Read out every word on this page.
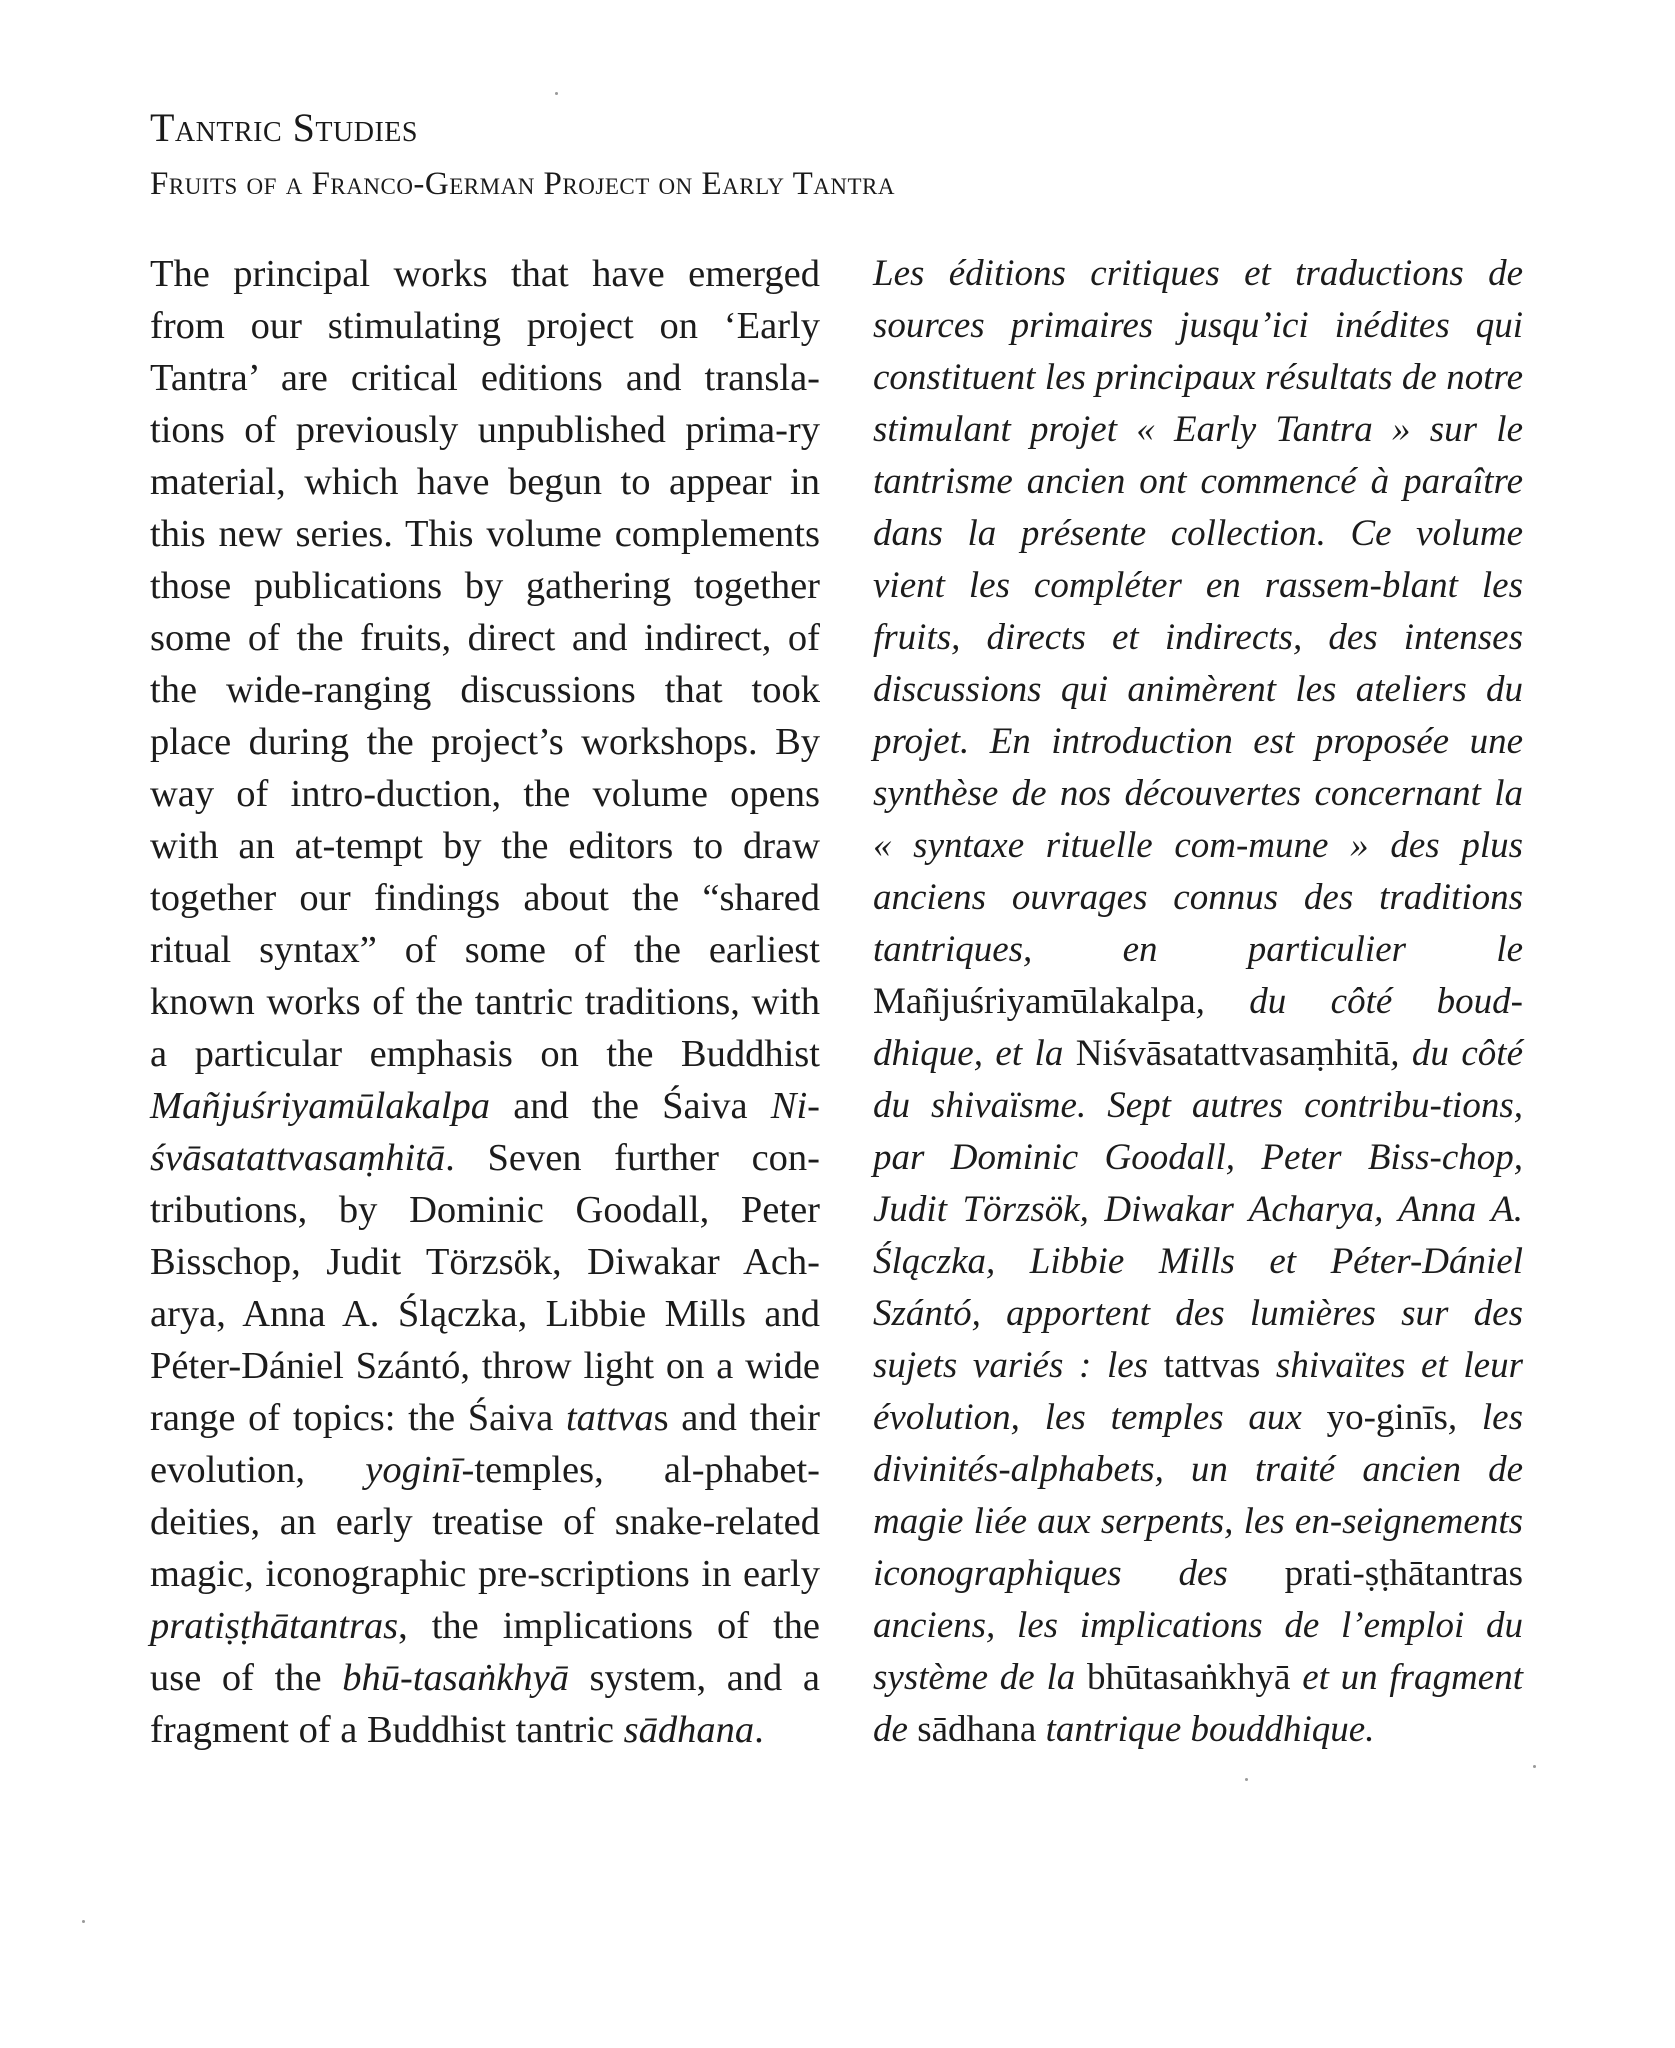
Tantric Studies
Fruits of a Franco-German Project on Early Tantra

The principal works that have emerged from our stimulating project on ‘Early Tantra’ are critical editions and transla-tions of previously unpublished prima-ry material, which have begun to appear in this new series. This volume complements those publications by gathering together some of the fruits, direct and indirect, of the wide-ranging discussions that took place during the project’s workshops. By way of intro-duction, the volume opens with an at-tempt by the editors to draw together our findings about the “shared ritual syntax” of some of the earliest known works of the tantric traditions, with a particular emphasis on the Buddhist Mañjuśriyamūlakalpa and the Śaiva Ni-śvāsatattvasaṃhitā. Seven further con-tributions, by Dominic Goodall, Peter Bisschop, Judit Törzsök, Diwakar Ach-arya, Anna A. Ślączka, Libbie Mills and Péter-Dániel Szántó, throw light on a wide range of topics: the Śaiva tattvas and their evolution, yoginī-temples, al-phabet-deities, an early treatise of snake-related magic, iconographic pre-scriptions in early pratiṣṭhātantras, the implications of the use of the bhū-tasaṅkhyā system, and a fragment of a Buddhist tantric sādhana.

Les éditions critiques et traductions de sources primaires jusqu’ici inédites qui constituent les principaux résultats de notre stimulant projet « Early Tantra » sur le tantrisme ancien ont commencé à paraître dans la présente collection. Ce volume vient les compléter en rassem-blant les fruits, directs et indirects, des intenses discussions qui animèrent les ateliers du projet. En introduction est proposée une synthèse de nos découvertes concernant la « syntaxe rituelle com-mune » des plus anciens ouvrages connus des traditions tantriques, en particulier le Mañjuśriyamūlakalpa, du côté boud-dhique, et la Niśvāsatattvasaṃhitā, du côté du shivaïsme. Sept autres contribu-tions, par Dominic Goodall, Peter Biss-chop, Judit Törzsök, Diwakar Acharya, Anna A. Ślączka, Libbie Mills et Péter-Dániel Szántó, apportent des lumières sur des sujets variés : les tattvas shivaïtes et leur évolution, les temples aux yo-ginīs, les divinités-alphabets, un traité ancien de magie liée aux serpents, les en-seignements iconographiques des prati-ṣṭhātantras anciens, les implications de l’emploi du système de la bhūtasaṅkhyā et un fragment de sādhana tantrique bouddhique.
